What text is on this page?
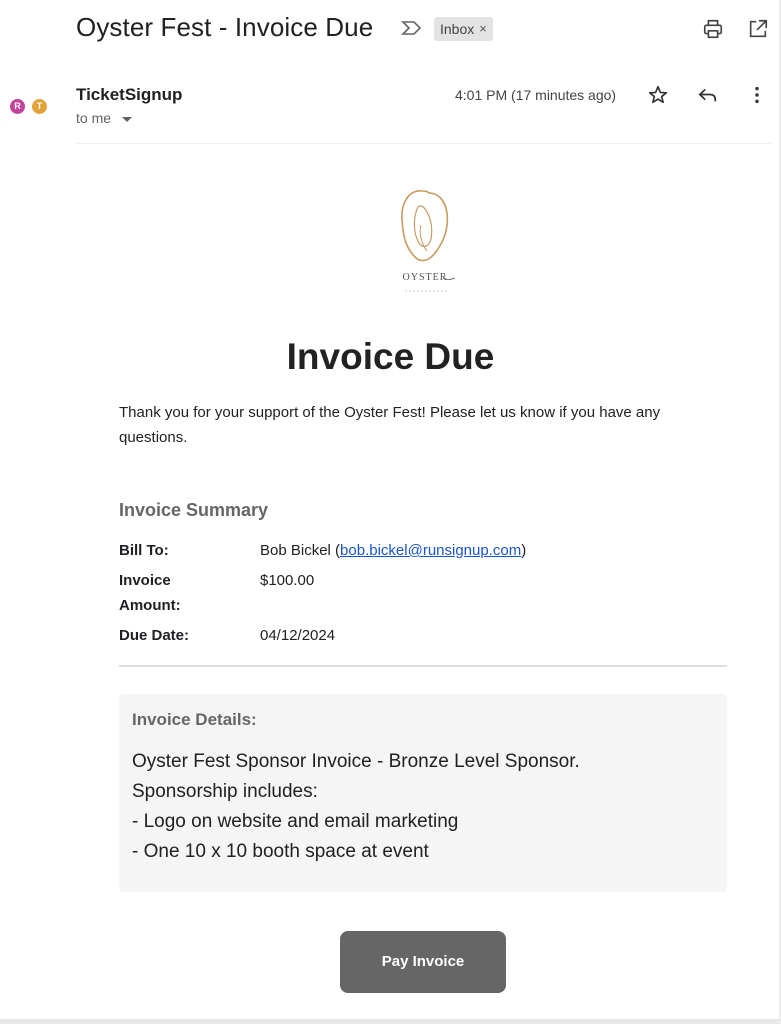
Oyster Fest - Invoice Due	Inbox ×
R	T
TicketSignup
to me
4:01 PM (17 minutes ago)
OYSTER
Invoice Due
Thank you for your support of the Oyster Fest! Please let us know if you have any questions.
Invoice Summary
Bill To:	Bob Bickel (bob.bickel@runsignup.com)
Invoice
Amount:
$100.00
Due Date:	04/12/2024
Invoice Details:
Oyster Fest Sponsor Invoice - Bronze Level Sponsor.
Sponsorship includes:
- Logo on website and email marketing
- One 10 x 10 booth space at event
Pay Invoice
